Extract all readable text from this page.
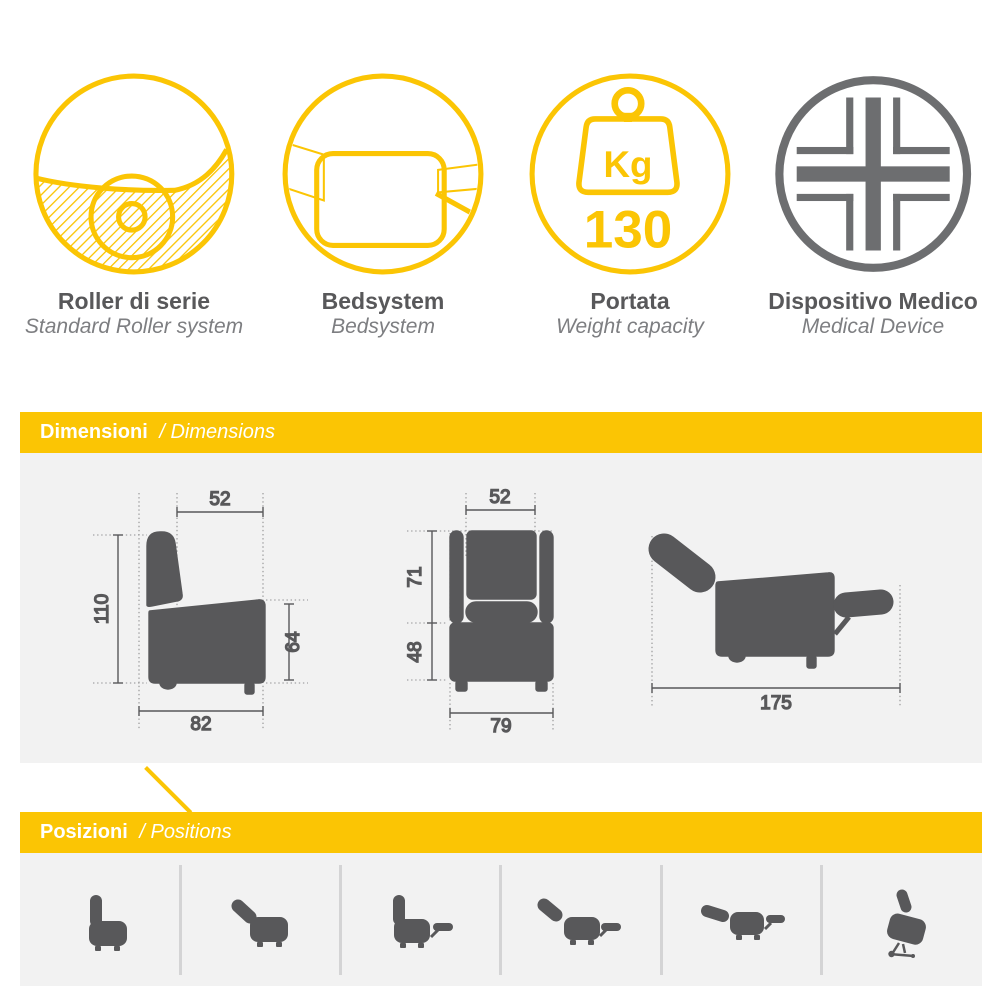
Roller di serie
Standard Roller system
Bedsystem
Bedsystem
Kg
130
Portata
Weight capacity
Dispositivo Medico
Medical Device
Dimensioni / Dimensions
52
110
64
82
52
71
48
79
175
Posizioni / Positions
